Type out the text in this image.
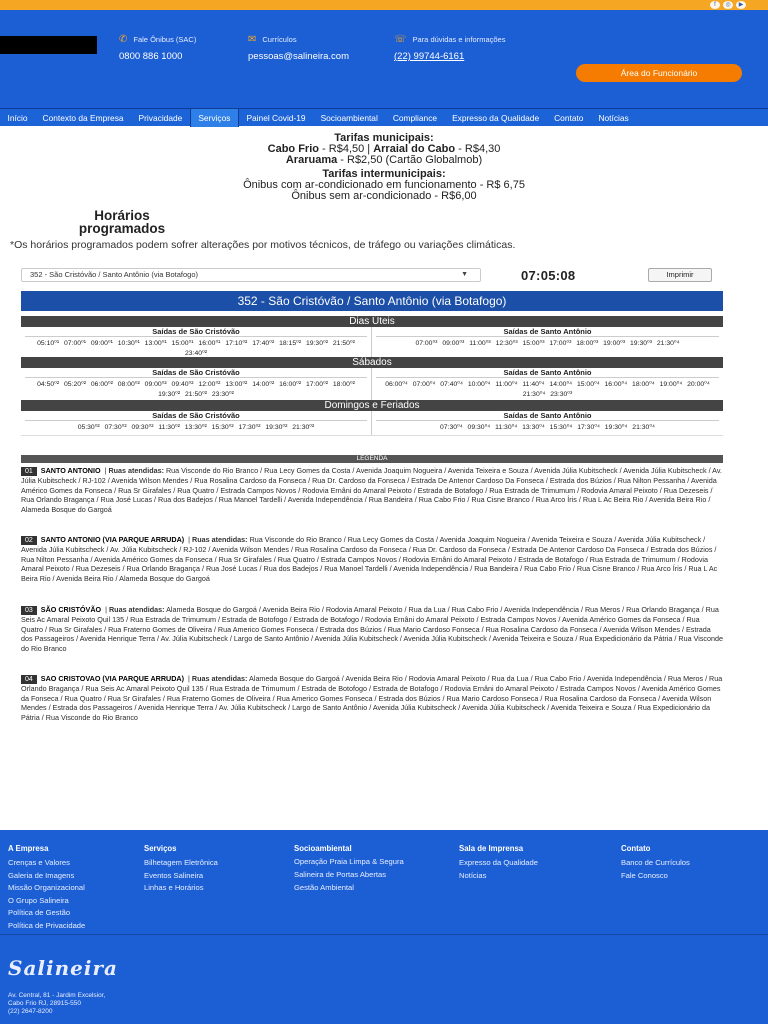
f	◎	▶
✆ Fale Ônibus (SAC)
0800 886 1000
✉ Currículos
pessoas@salineira.com
☏ Para dúvidas e informações
(22) 99744-6161
Área do Funcionário
Início	Contexto da Empresa	Privacidade	Serviços	Painel Covid-19	Socioambiental	Compliance	Expresso da Qualidade	Contato	Notícias
Tarifas municipais:
Cabo Frio - R$4,50 | Arraial do Cabo - R$4,30
Araruama - R$2,50 (Cartão Globalmob)
Tarifas intermunicipais:
Ônibus com ar-condicionado em funcionamento - R$ 6,75
Ônibus sem ar-condicionado - R$6,00
Horários programados
*Os horários programados podem sofrer alterações por motivos técnicos, de tráfego ou variações climáticas.
352 - São Cristóvão / Santo Antônio (via Botafogo)	▼	07:05:08	Imprimir
352 - São Cristóvão / Santo Antônio (via Botafogo)
Dias Úteis
Saídas de São Cristóvão
05:10⁰¹ 07:00⁰¹ 09:00⁰¹ 10:30⁰¹ 13:00⁰¹ 15:00⁰¹ 16:00⁰¹ 17:10⁰² 17:40⁰² 18:15⁰² 19:30⁰² 21:50⁰² 23:40⁰²
Saídas de Santo Antônio
07:00⁰³ 09:00⁰³ 11:00⁰³ 12:30⁰³ 15:00⁰³ 17:00⁰³ 18:00⁰³ 19:00⁰³ 19:30⁰³ 21:30⁰⁴
Sábados
Saídas de São Cristóvão
04:50⁰² 05:20⁰² 06:00⁰² 08:00⁰² 09:00⁰² 09:40⁰² 12:00⁰² 13:00⁰² 14:00⁰² 16:00⁰² 17:00⁰² 18:00⁰² 19:30⁰² 21:50⁰² 23:30⁰²
Saídas de Santo Antônio
06:00⁰⁴ 07:00⁰⁴ 07:40⁰⁴ 10:00⁰⁴ 11:00⁰⁴ 11:40⁰⁴ 14:00⁰⁴ 15:00⁰⁴ 16:00⁰⁴ 18:00⁰⁴ 19:00⁰⁴ 20:00⁰⁴ 21:30⁰⁴ 23:30⁰³
Domingos e Feriados
Saídas de São Cristóvão
05:30⁰² 07:30⁰² 09:30⁰² 11:30⁰² 13:30⁰² 15:30⁰² 17:30⁰² 19:30⁰² 21:30⁰²
Saídas de Santo Antônio
07:30⁰⁴ 09:30⁰⁴ 11:30⁰⁴ 13:30⁰⁴ 15:30⁰⁴ 17:30⁰⁴ 19:30⁰⁴ 21:30⁰⁴
LEGENDA
01 SANTO ANTONIO | Ruas atendidas: Rua Visconde do Rio Branco / Rua Lecy Gomes da Costa / Avenida Joaquim Nogueira / Avenida Teixeira e Souza / Avenida Júlia Kubitscheck / Avenida Júlia Kubitscheck / Av. Júlia Kubitscheck / RJ-102 / Avenida Wilson Mendes / Rua Rosalina Cardoso da Fonseca / Rua Dr. Cardoso da Fonseca / Estrada De Antenor Cardoso Da Fonseca / Estrada dos Búzios / Rua Nilton Pessanha / Avenida Américo Gomes da Fonseca / Rua Sr Girafales / Rua Quatro / Estrada Campos Novos / Rodovia Ernâni do Amaral Peixoto / Estrada de Botafogo / Rua Estrada de Trimumum / Rodovia Amaral Peixoto / Rua Dezeseis / Rua Orlando Bragança / Rua José Lucas / Rua dos Badejos / Rua Manoel Tardelli / Avenida Independência / Rua Bandeira / Rua Cabo Frio / Rua Cisne Branco / Rua Arco Íris / Rua L Ac Beira Rio / Avenida Beira Rio / Alameda Bosque do Gargoá
02 SANTO ANTONIO (VIA PARQUE ARRUDA) | Ruas atendidas: Rua Visconde do Rio Branco / Rua Lecy Gomes da Costa / Avenida Joaquim Nogueira / Avenida Teixeira e Souza / Avenida Júlia Kubitscheck / Avenida Júlia Kubitscheck / Av. Júlia Kubitscheck / RJ-102 / Avenida Wilson Mendes / Rua Rosalina Cardoso da Fonseca / Rua Dr. Cardoso da Fonseca / Estrada De Antenor Cardoso Da Fonseca / Estrada dos Búzios / Rua Nilton Pessanha / Avenida Américo Gomes da Fonseca / Rua Sr Girafales / Rua Quatro / Estrada Campos Novos / Rodovia Ernâni do Amaral Peixoto / Estrada de Botafogo / Rua Estrada de Trimumum / Rodovia Amaral Peixoto / Rua Dezeseis / Rua Orlando Bragança / Rua José Lucas / Rua dos Badejos / Rua Manoel Tardelli / Avenida Independência / Rua Bandeira / Rua Cabo Frio / Rua Cisne Branco / Rua Arco Íris / Rua L Ac Beira Rio / Avenida Beira Rio / Alameda Bosque do Gargoá
03 SÃO CRISTÓVÃO | Ruas atendidas: Alameda Bosque do Gargoá / Avenida Beira Rio / Rodovia Amaral Peixoto / Rua da Lua / Rua Cabo Frio / Avenida Independência / Rua Meros / Rua Orlando Bragança / Rua Seis Ac Amaral Peixoto Quil 135 / Rua Estrada de Trimumum / Estrada de Botofogo / Estrada de Botafogo / Rodovia Ernâni do Amaral Peixoto / Estrada Campos Novos / Avenida Américo Gomes da Fonseca / Rua Quatro / Rua Sr Girafales / Rua Fraterno Gomes de Oliveira / Rua Americo Gomes Fonseca / Estrada dos Búzios / Rua Mario Cardoso Fonseca / Rua Rosalina Cardoso da Fonseca / Avenida Wilson Mendes / Estrada dos Passageiros / Avenida Henrique Terra / Av. Júlia Kubitscheck / Largo de Santo Antônio / Avenida Júlia Kubitscheck / Avenida Júlia Kubitscheck / Avenida Teixeira e Souza / Rua Expedicionário da Pátria / Rua Visconde do Rio Branco
04 SAO CRISTOVAO (VIA PARQUE ARRUDA) | Ruas atendidas: Alameda Bosque do Gargoá / Avenida Beira Rio / Rodovia Amaral Peixoto / Rua da Lua / Rua Cabo Frio / Avenida Independência / Rua Meros / Rua Orlando Bragança / Rua Seis Ac Amaral Peixoto Quil 135 / Rua Estrada de Trimumum / Estrada de Botofogo / Estrada de Botafogo / Rodovia Ernâni do Amaral Peixoto / Estrada Campos Novos / Avenida Américo Gomes da Fonseca / Rua Quatro / Rua Sr Girafales / Rua Fraterno Gomes de Oliveira / Rua Americo Gomes Fonseca / Estrada dos Búzios / Rua Mario Cardoso Fonseca / Rua Rosalina Cardoso da Fonseca / Avenida Wilson Mendes / Estrada dos Passageiros / Avenida Henrique Terra / Av. Júlia Kubitscheck / Largo de Santo Antônio / Avenida Júlia Kubitscheck / Avenida Júlia Kubitscheck / Avenida Teixeira e Souza / Rua Expedicionário da Pátria / Rua Visconde do Rio Branco
A Empresa
Crenças e Valores
Galeria de Imagens
Missão Organizacional
O Grupo Salineira
Política de Gestão
Política de Privacidade
Serviços
Bilhetagem Eletrônica
Eventos Salineira
Linhas e Horários
Socioambiental
Operação Praia Limpa & Segura
Salineira de Portas Abertas
Gestão Ambiental
Sala de Imprensa
Expresso da Qualidade
Notícias
Contato
Banco de Currículos
Fale Conosco
Salineira
Av. Central, 81 - Jardim Excelsior,
Cabo Frio RJ, 28915-550
(22) 2647-8200
